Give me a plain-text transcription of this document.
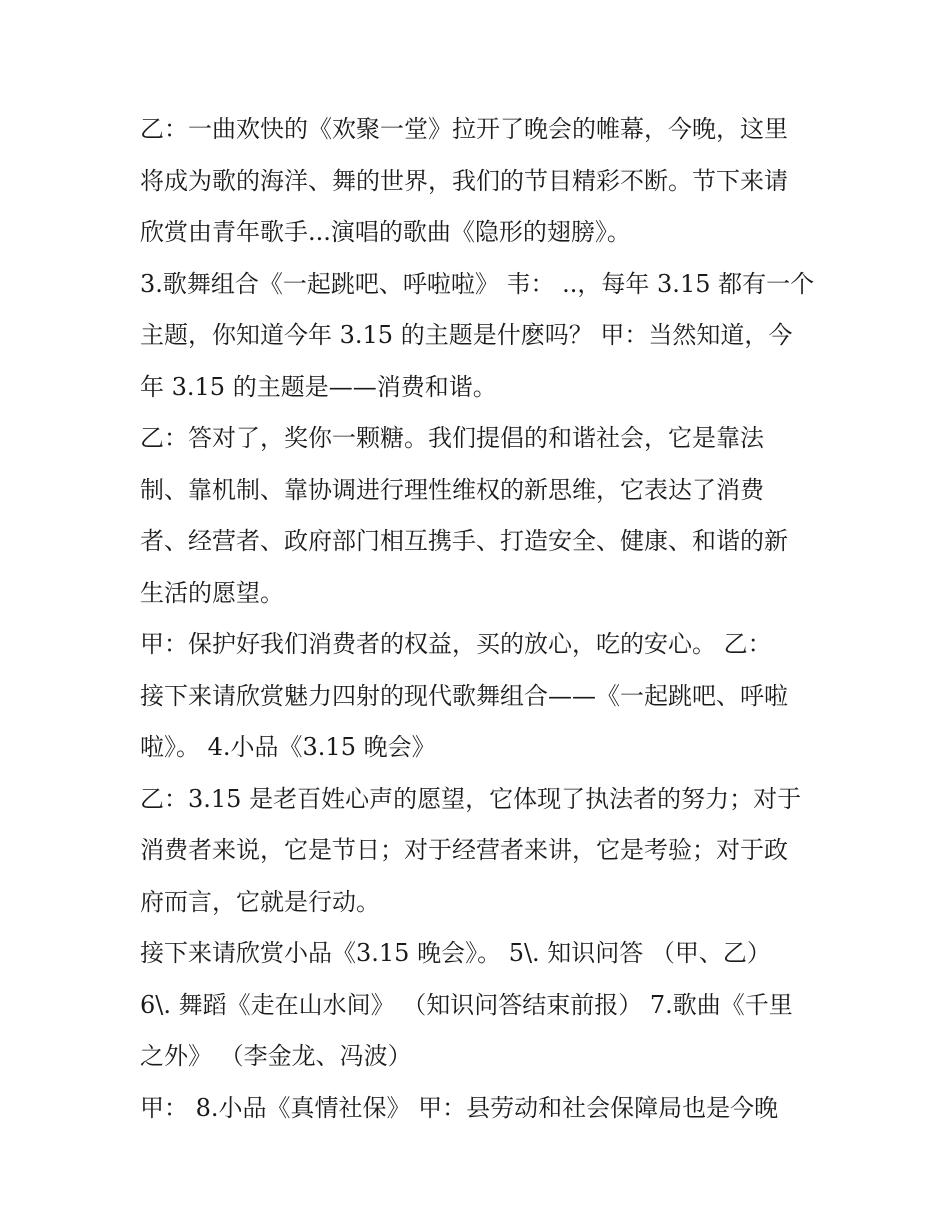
乙：一曲欢快的《欢聚一堂》拉开了晚会的帷幕，今晚，这里
将成为歌的海洋、舞的世界，我们的节目精彩不断。节下来请
欣赏由青年歌手...演唱的歌曲《隐形的翅膀》。
3.歌舞组合《一起跳吧、呼啦啦》 韦： ..，每年 3.15 都有一个
主题，你知道今年 3.15 的主题是什麽吗？ 甲：当然知道，今
年 3.15 的主题是——消费和谐。
乙：答对了，奖你一颗糖。我们提倡的和谐社会，它是靠法
制、靠机制、靠协调进行理性维权的新思维，它表达了消费
者、经营者、政府部门相互携手、打造安全、健康、和谐的新
生活的愿望。
甲：保护好我们消费者的权益，买的放心，吃的安心。 乙：
接下来请欣赏魅力四射的现代歌舞组合——《一起跳吧、呼啦
啦》。 4.小品《3.15 晚会》
乙：3.15 是老百姓心声的愿望，它体现了执法者的努力；对于
消费者来说，它是节日；对于经营者来讲，它是考验；对于政
府而言，它就是行动。
接下来请欣赏小品《3.15 晚会》。 5\. 知识问答 （甲、乙）
6\. 舞蹈《走在山水间》 （知识问答结束前报） 7.歌曲《千里
之外》 （李金龙、冯波）
甲： 8.小品《真情社保》 甲：县劳动和社会保障局也是今晚
